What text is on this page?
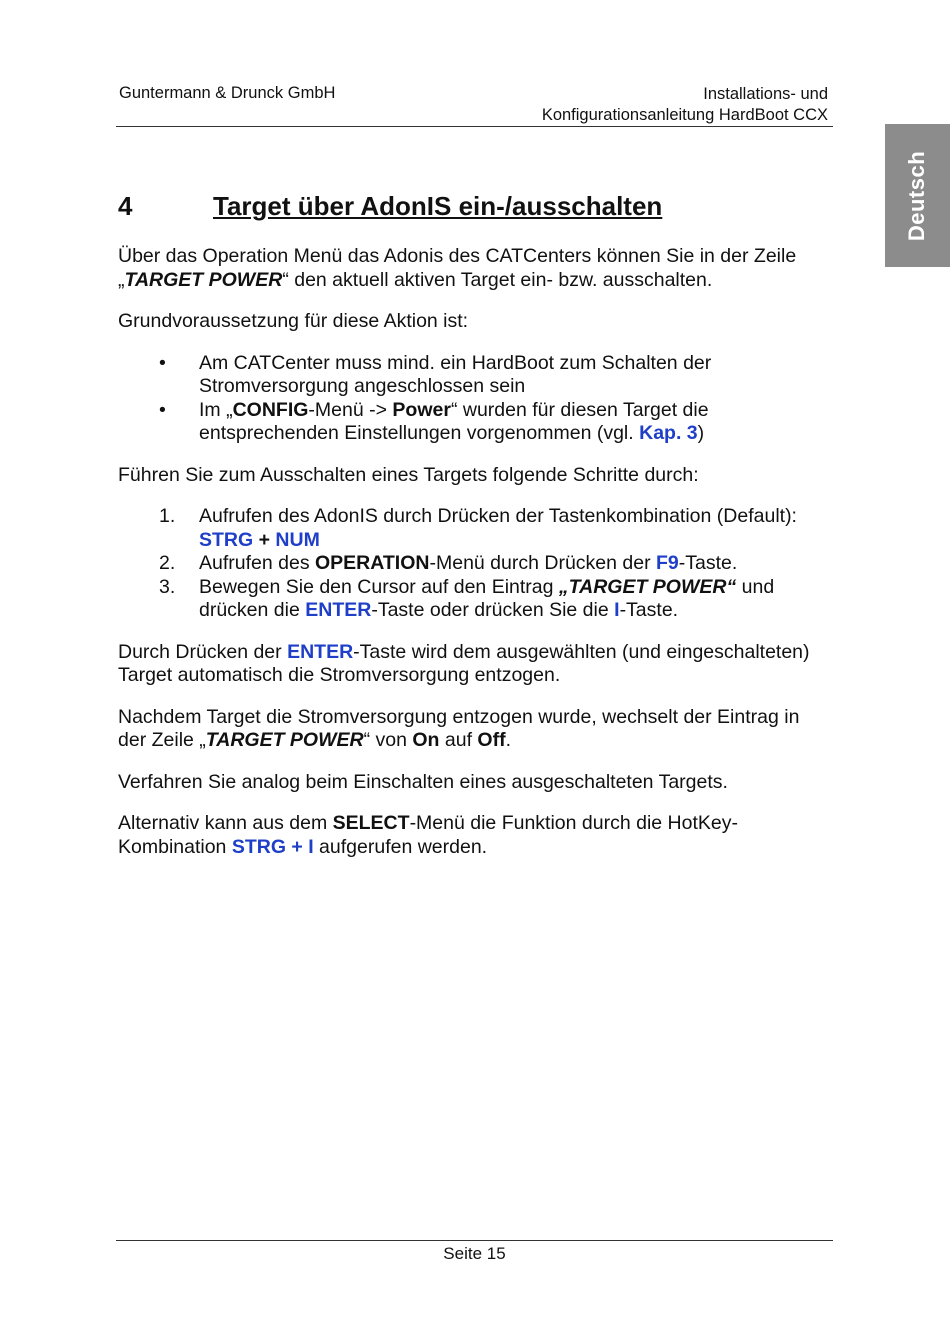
Guntermann & Drunck GmbH	Installations- und
Konfigurationsanleitung HardBoot CCX
Deutsch
4	Target über AdonIS ein-/ausschalten

Über das Operation Menü das Adonis des CATCenters können Sie in der Zeile „TARGET POWER“ den aktuell aktiven Target ein- bzw. ausschalten.

Grundvoraussetzung für diese Aktion ist:

• Am CATCenter muss mind. ein HardBoot zum Schalten der Stromversorgung angeschlossen sein
• Im „CONFIG-Menü -> Power“ wurden für diesen Target die entsprechenden Einstellungen vorgenommen (vgl. Kap. 3)

Führen Sie zum Ausschalten eines Targets folgende Schritte durch:

1. Aufrufen des AdonIS durch Drücken der Tastenkombination (Default): STRG + NUM
2. Aufrufen des OPERATION-Menü durch Drücken der F9-Taste.
3. Bewegen Sie den Cursor auf den Eintrag „TARGET POWER“ und drücken die ENTER-Taste oder drücken Sie die I-Taste.

Durch Drücken der ENTER-Taste wird dem ausgewählten (und eingeschalteten) Target automatisch die Stromversorgung entzogen.

Nachdem Target die Stromversorgung entzogen wurde, wechselt der Eintrag in der Zeile „TARGET POWER“ von On auf Off.

Verfahren Sie analog beim Einschalten eines ausgeschalteten Targets.

Alternativ kann aus dem SELECT-Menü die Funktion durch die HotKey-Kombination STRG + I aufgerufen werden.

Seite 15
